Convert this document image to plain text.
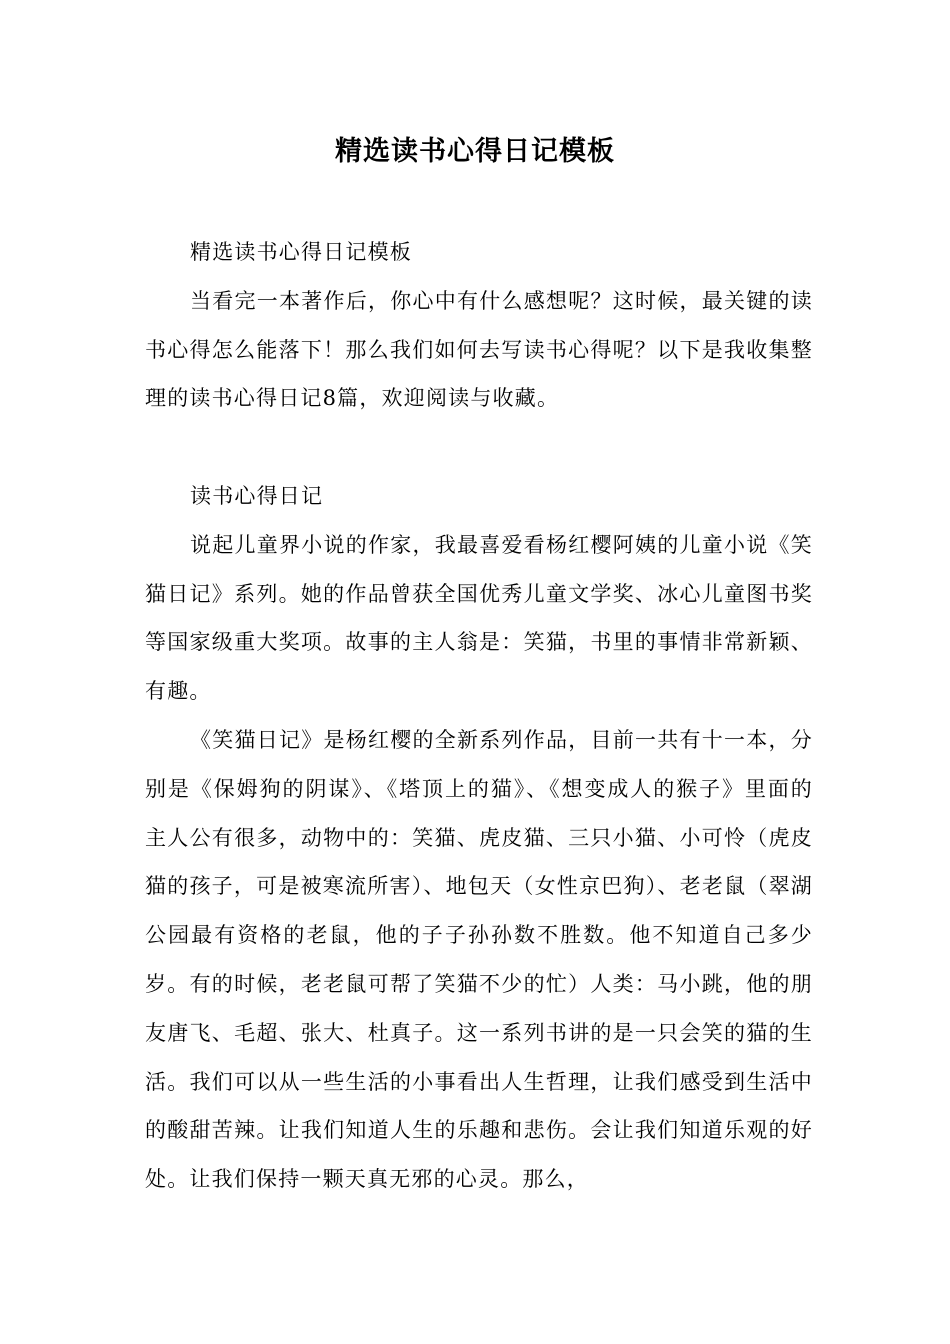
精选读书心得日记模板

精选读书心得日记模板

当看完一本著作后，你心中有什么感想呢？这时候，最关键的读书心得怎么能落下！那么我们如何去写读书心得呢？以下是我收集整理的读书心得日记8篇，欢迎阅读与收藏。

读书心得日记

说起儿童界小说的作家，我最喜爱看杨红樱阿姨的儿童小说《笑猫日记》系列。她的作品曾获全国优秀儿童文学奖、冰心儿童图书奖等国家级重大奖项。故事的主人翁是：笑猫，书里的事情非常新颖、有趣。

《笑猫日记》是杨红樱的全新系列作品，目前一共有十一本，分别是《保姆狗的阴谋》、《塔顶上的猫》、《想变成人的猴子》里面的主人公有很多，动物中的：笑猫、虎皮猫、三只小猫、小可怜（虎皮猫的孩子，可是被寒流所害）、地包天（女性京巴狗）、老老鼠（翠湖公园最有资格的老鼠，他的子子孙孙数不胜数。他不知道自己多少岁。有的时候，老老鼠可帮了笑猫不少的忙）人类：马小跳，他的朋友唐飞、毛超、张大、杜真子。这一系列书讲的是一只会笑的猫的生活。我们可以从一些生活的小事看出人生哲理，让我们感受到生活中的酸甜苦辣。让我们知道人生的乐趣和悲伤。会让我们知道乐观的好处。让我们保持一颗天真无邪的心灵。那么，
